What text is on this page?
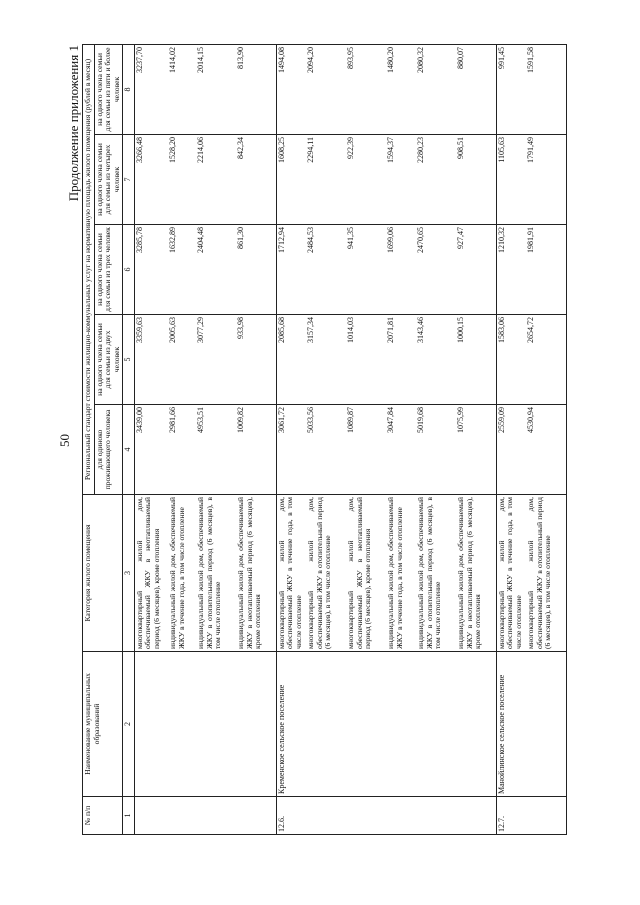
50
Продолжение приложения 1
№ п/п	Наименование муниципальных образований	Категория жилого помещения	Региональный стандарт стоимости жилищно-коммунальных услуг на нормативную площадь жилого помещения (рублей в месяц)				
			для одиноко проживающего человека	на одного члена семьи для семьи из двух человек	на одного члена семьи для семьи из трех человек	на одного члена семьи для семьи из четырех человек	на одного члена семьи для семьи из пяти и более человек
1	2	3	4	5	6	7	8
		многоквартирный жилой дом, обеспечиваемый ЖКУ в неотапливаемый период (6 месяцев), кроме отопления	3439,00	3359,63	3285,78	3266,48	3237,70
		индивидуальный жилой дом, обеспечиваемый ЖКУ в течение года, в том числе отопление	2981,66	2005,63	1632,89	1528,20	1414,02
		индивидуальный жилой дом, обеспечиваемый ЖКУ в отопительный период (6 месяцев), в том числе отопление	4953,51	3077,29	2404,48	2214,06	2014,15
		индивидуальный жилой дом, обеспечиваемый ЖКУ в неотапливаемый период (6 месяцев), кроме отопления	1009,82	933,98	861,30	842,34	813,90
12.6.	Кременское сельское поселение	многоквартирный жилой дом, обеспечиваемый ЖКУ в течение года, в том числе отопление	3061,72	2085,68	1712,94	1608,25	1494,08
		многоквартирный жилой дом, обеспечиваемый ЖКУ в отопительный период (6 месяцев), в том числе отопление	5033,56	3157,34	2484,53	2294,11	2094,20
		многоквартирный жилой дом, обеспечиваемый ЖКУ в неотапливаемый период (6 месяцев), кроме отопления	1089,87	1014,03	941,35	922,39	893,95
		индивидуальный жилой дом, обеспечиваемый ЖКУ в течение года, в том числе отопление	3047,84	2071,81	1699,06	1594,37	1480,20
		индивидуальный жилой дом, обеспечиваемый ЖКУ в отопительный период (6 месяцев), в том числе отопление	5019,68	3143,46	2470,65	2280,23	2080,32
		индивидуальный жилой дом, обеспечиваемый ЖКУ в неотапливаемый период (6 месяцев), кроме отопления	1075,99	1000,15	927,47	908,51	880,07
12.7.	Манойлинское сельское поселение	многоквартирный жилой дом, обеспечиваемый ЖКУ в течение года, в том числе отопление	2559,09	1583,06	1210,32	1105,63	991,45
		многоквартирный жилой дом, обеспечиваемый ЖКУ в отопительный период (6 месяцев), в том числе отопление	4530,94	2654,72	1981,91	1791,49	1591,58
